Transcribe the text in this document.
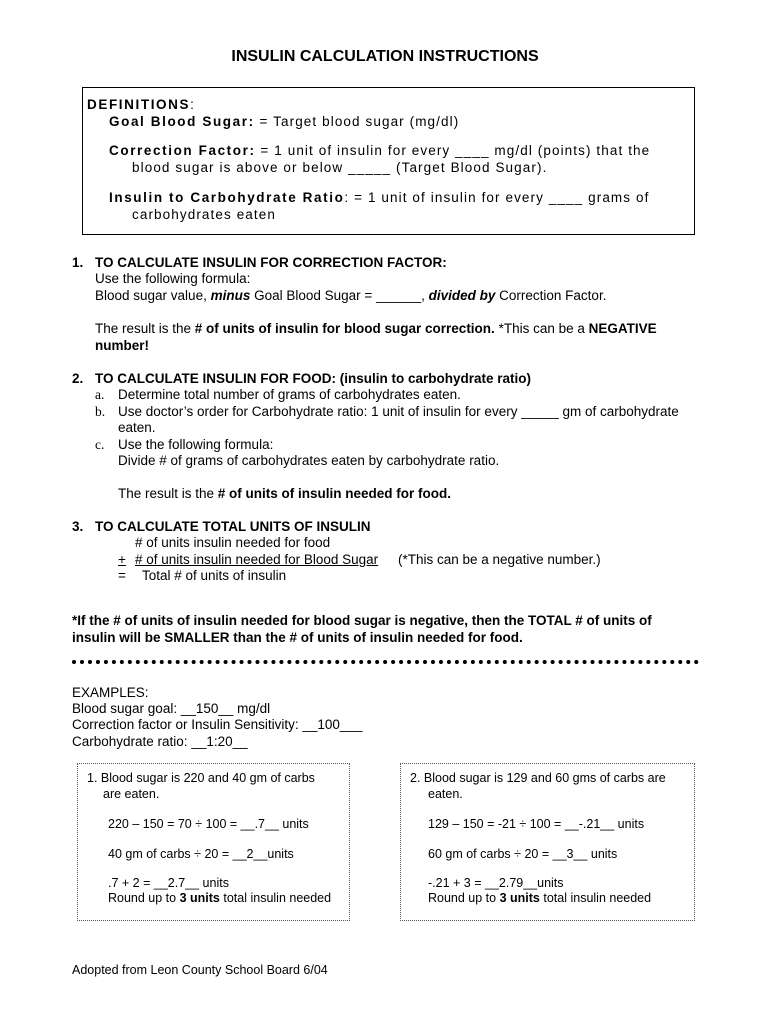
INSULIN CALCULATION INSTRUCTIONS
DEFINITIONS:
Goal Blood Sugar: = Target blood sugar (mg/dl)
Correction Factor: = 1 unit of insulin for every ____ mg/dl (points) that the
blood sugar is above or below _____ (Target Blood Sugar).
Insulin to Carbohydrate Ratio: = 1 unit of insulin for every ____ grams of
carbohydrates eaten
1. TO CALCULATE INSULIN FOR CORRECTION FACTOR:
Use the following formula:
Blood sugar value, minus Goal Blood Sugar = ______, divided by Correction Factor.
The result is the # of units of insulin for blood sugar correction. *This can be a NEGATIVE
number!
2. TO CALCULATE INSULIN FOR FOOD: (insulin to carbohydrate ratio)
a. Determine total number of grams of carbohydrates eaten.
b. Use doctor’s order for Carbohydrate ratio: 1 unit of insulin for every _____ gm of carbohydrate
eaten.
c. Use the following formula:
Divide # of grams of carbohydrates eaten by carbohydrate ratio.
The result is the # of units of insulin needed for food.
3. TO CALCULATE TOTAL UNITS OF INSULIN
# of units insulin needed for food
+ # of units insulin needed for Blood Sugar (*This can be a negative number.)
= Total # of units of insulin
*If the # of units of insulin needed for blood sugar is negative, then the TOTAL # of units of
insulin will be SMALLER than the # of units of insulin needed for food.
EXAMPLES:
Blood sugar goal: __150__ mg/dl
Correction factor or Insulin Sensitivity: __100___
Carbohydrate ratio: __1:20__
1. Blood sugar is 220 and 40 gm of carbs
are eaten.
220 – 150 = 70 ÷ 100 = __.7__ units
40 gm of carbs ÷ 20 = __2__units
.7 + 2 = __2.7__ units
Round up to 3 units total insulin needed
2. Blood sugar is 129 and 60 gms of carbs are
eaten.
129 – 150 = -21 ÷ 100 = __-.21__ units
60 gm of carbs ÷ 20 = __3__ units
-.21 + 3 = __2.79__units
Round up to 3 units total insulin needed
Adopted from Leon County School Board 6/04
